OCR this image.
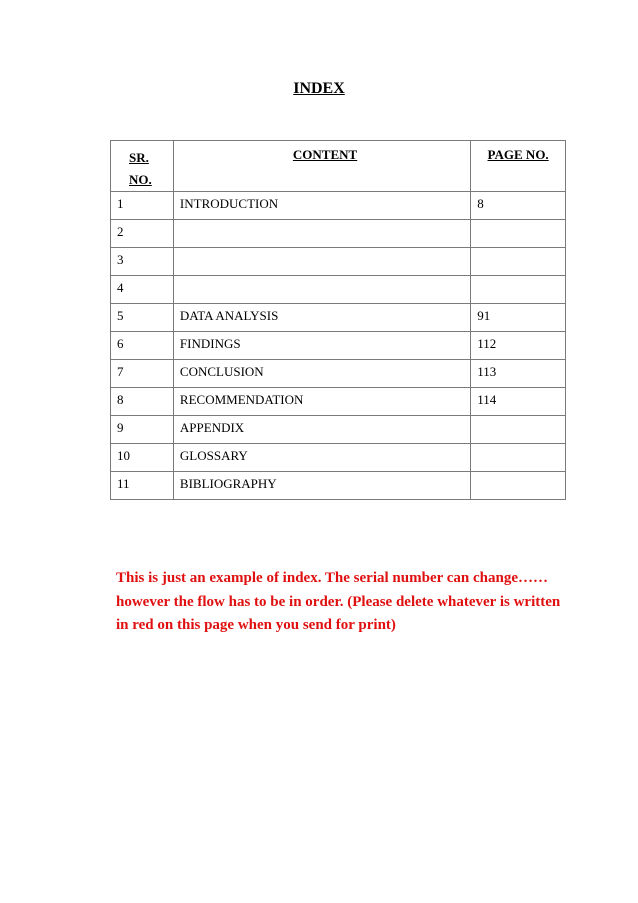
INDEX
SR. NO.	CONTENT	PAGE NO.
1	INTRODUCTION	8
2		
3		
4		
5	DATA ANALYSIS	91
6	FINDINGS	112
7	CONCLUSION	113
8	RECOMMENDATION	114
9	APPENDIX	
10	GLOSSARY	
11	BIBLIOGRAPHY	
This is just an example of index. The serial number can change……however the flow has to be in order. (Please delete whatever is written in red on this page when you send for print)
